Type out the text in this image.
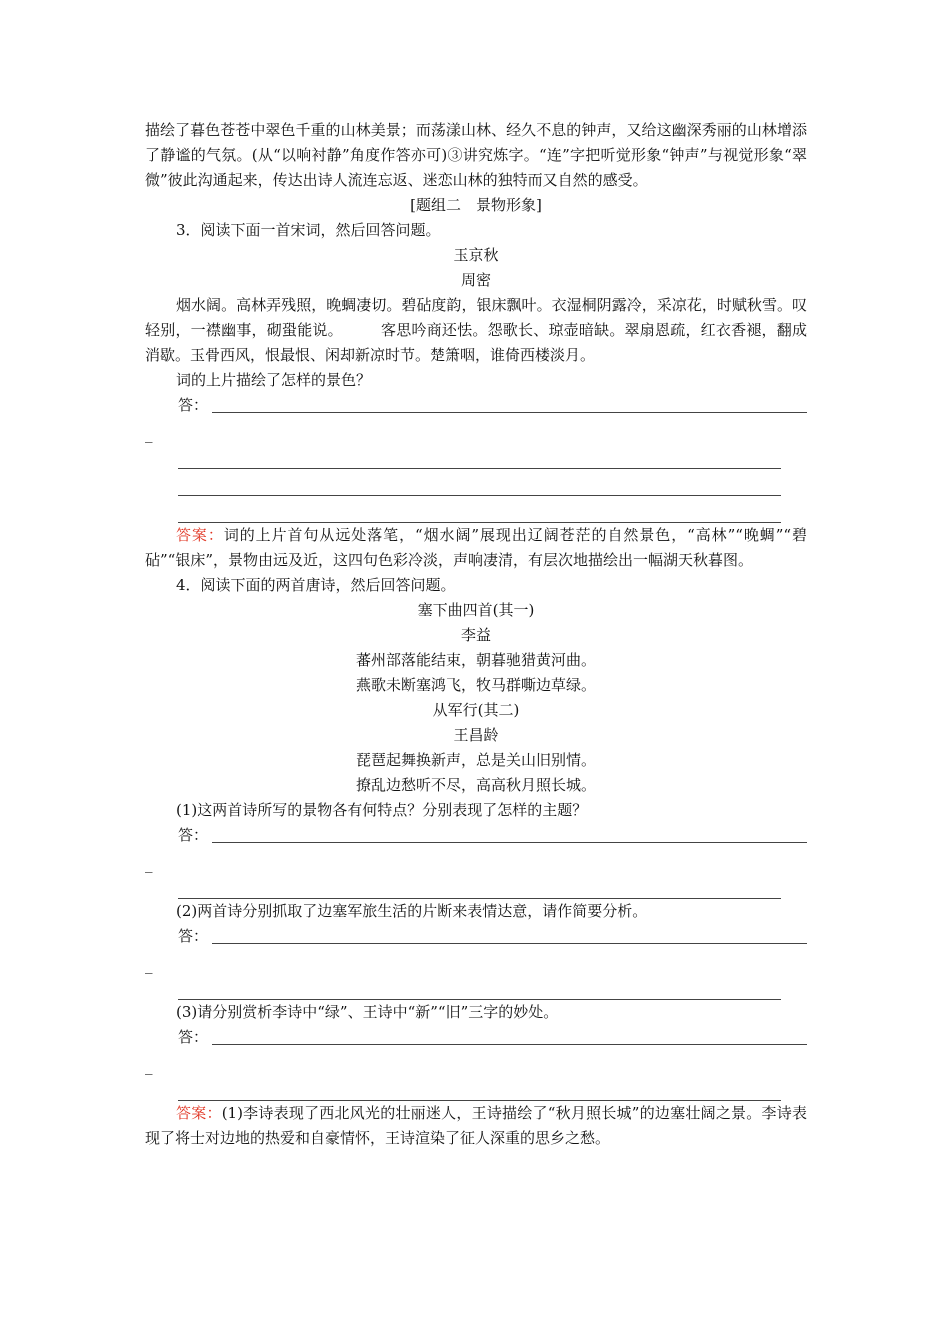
描绘了暮色苍苍中翠色千重的山林美景；而荡漾山林、经久不息的钟声，又给这幽深秀丽的山林增添了静谧的气氛。(从“以响衬静”角度作答亦可)③讲究炼字。“连”字把听觉形象“钟声”与视觉形象“翠微”彼此沟通起来，传达出诗人流连忘返、迷恋山林的独特而又自然的感受。

[题组二　景物形象]

3．阅读下面一首宋词，然后回答问题。

玉京秋

周密

烟水阔。高林弄残照，晚蜩凄切。碧砧度韵，银床飘叶。衣湿桐阴露冷，采凉花，时赋秋雪。叹轻别，一襟幽事，砌蛩能说。　　　客思吟商还怯。怨歌长、琼壶暗缺。翠扇恩疏，红衣香褪，翻成消歇。玉骨西风，恨最恨、闲却新凉时节。楚箫咽，谁倚西楼淡月。

词的上片描绘了怎样的景色？

答：
_

答案：词的上片首句从远处落笔，“烟水阔”展现出辽阔苍茫的自然景色，“高林”“晚蜩”“碧砧”“银床”，景物由远及近，这四句色彩冷淡，声响凄清，有层次地描绘出一幅湖天秋暮图。

4．阅读下面的两首唐诗，然后回答问题。

塞下曲四首(其一)

李益

蕃州部落能结束，朝暮驰猎黄河曲。

燕歌未断塞鸿飞，牧马群嘶边草绿。

从军行(其二)

王昌龄

琵琶起舞换新声，总是关山旧别情。

撩乱边愁听不尽，高高秋月照长城。

(1)这两首诗所写的景物各有何特点？分别表现了怎样的主题？

答：
_

(2)两首诗分别抓取了边塞军旅生活的片断来表情达意，请作简要分析。

答：
_

(3)请分别赏析李诗中“绿”、王诗中“新”“旧”三字的妙处。

答：
_

答案：(1)李诗表现了西北风光的壮丽迷人，王诗描绘了“秋月照长城”的边塞壮阔之景。李诗表现了将士对边地的热爱和自豪情怀，王诗渲染了征人深重的思乡之愁。
